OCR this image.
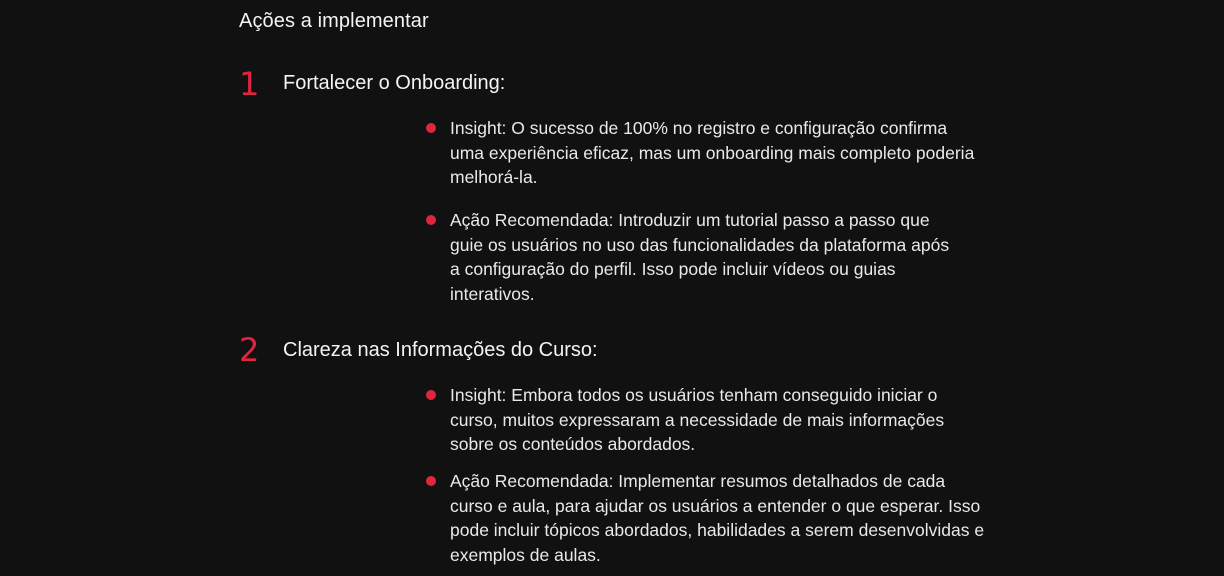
Ações a implementar
1 Fortalecer o Onboarding:
Insight: O sucesso de 100% no registro e configuração confirma uma experiência eficaz, mas um onboarding mais completo poderia melhorá-la.
Ação Recomendada: Introduzir um tutorial passo a passo que guie os usuários no uso das funcionalidades da plataforma após a configuração do perfil. Isso pode incluir vídeos ou guias interativos.
2 Clareza nas Informações do Curso:
Insight: Embora todos os usuários tenham conseguido iniciar o curso, muitos expressaram a necessidade de mais informações sobre os conteúdos abordados.
Ação Recomendada: Implementar resumos detalhados de cada curso e aula, para ajudar os usuários a entender o que esperar. Isso pode incluir tópicos abordados, habilidades a serem desenvolvidas e exemplos de aulas.
